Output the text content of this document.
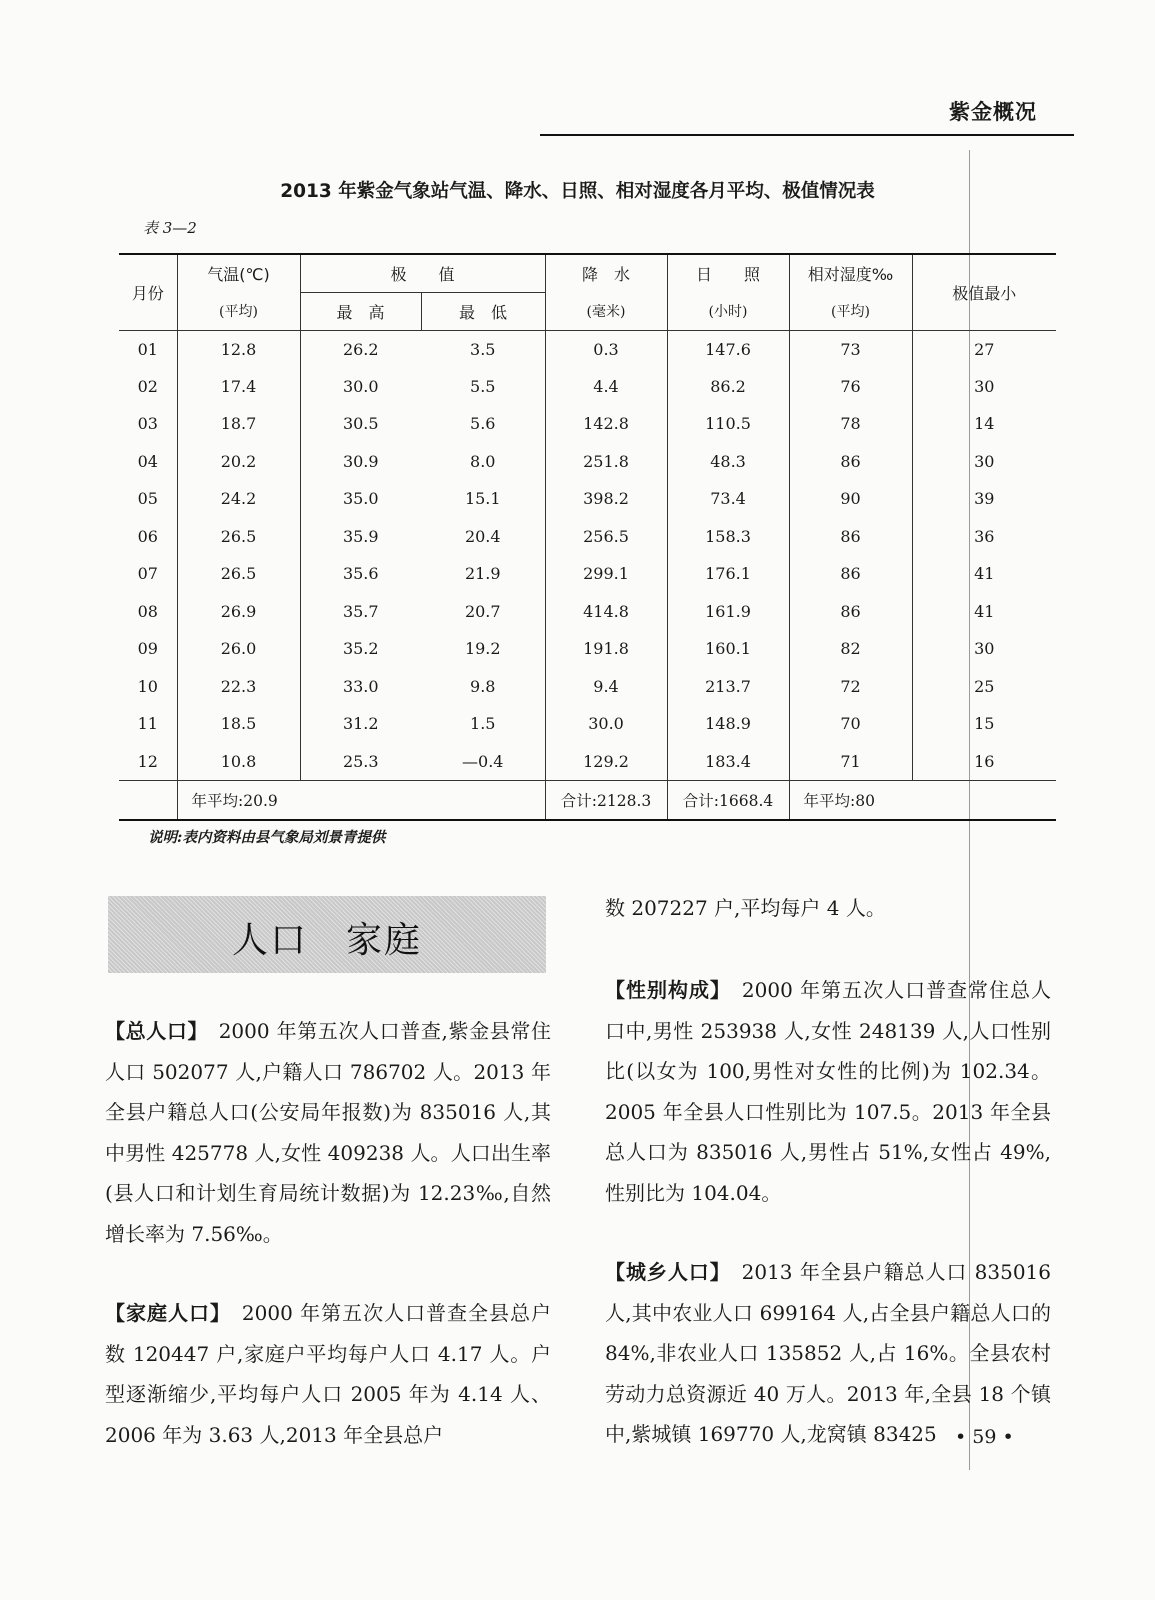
紫金概况
2013 年紫金气象站气温、降水、日照、相对湿度各月平均、极值情况表
表 3—2
月份	气温(℃)	极　　值		降　水	日　　照	相对湿度‰	极值最小
	(平均)	最　高	最　低	(毫米)	(小时)	(平均)	
01	12.8	26.2	3.5	0.3	147.6	73	27
02	17.4	30.0	5.5	4.4	86.2	76	30
03	18.7	30.5	5.6	142.8	110.5	78	14
04	20.2	30.9	8.0	251.8	48.3	86	30
05	24.2	35.0	15.1	398.2	73.4	90	39
06	26.5	35.9	20.4	256.5	158.3	86	36
07	26.5	35.6	21.9	299.1	176.1	86	41
08	26.9	35.7	20.7	414.8	161.9	86	41
09	26.0	35.2	19.2	191.8	160.1	82	30
10	22.3	33.0	9.8	9.4	213.7	72	25
11	18.5	31.2	1.5	30.0	148.9	70	15
12	10.8	25.3	—0.4	129.2	183.4	71	16
	年平均:20.9			合计:2128.3	合计:1668.4	年平均:80	
说明:表内资料由县气象局刘景青提供
人口　家庭

【总人口】　2000 年第五次人口普查,紫金县常住人口 502077 人,户籍人口 786702 人。2013 年全县户籍总人口(公安局年报数)为 835016 人,其中男性 425778 人,女性 409238 人。人口出生率(县人口和计划生育局统计数据)为 12.23‰,自然增长率为 7.56‰。

【家庭人口】　2000 年第五次人口普查全县总户数 120447 户,家庭户平均每户人口 4.17 人。户型逐渐缩少,平均每户人口 2005 年为 4.14 人、2006 年为 3.63 人,2013 年全县总户

数 207227 户,平均每户 4 人。

【性别构成】　2000 年第五次人口普查常住总人口中,男性 253938 人,女性 248139 人,人口性别比(以女为 100,男性对女性的比例)为 102.34。2005 年全县人口性别比为 107.5。2013 年全县总人口为 835016 人,男性占 51%,女性占 49%,性别比为 104.04。

【城乡人口】　2013 年全县户籍总人口 835016 人,其中农业人口 699164 人,占全县户籍总人口的 84%,非农业人口 135852 人,占 16%。全县农村劳动力总资源近 40 万人。2013 年,全县 18 个镇中,紫城镇 169770 人,龙窝镇 83425 • 59 •
